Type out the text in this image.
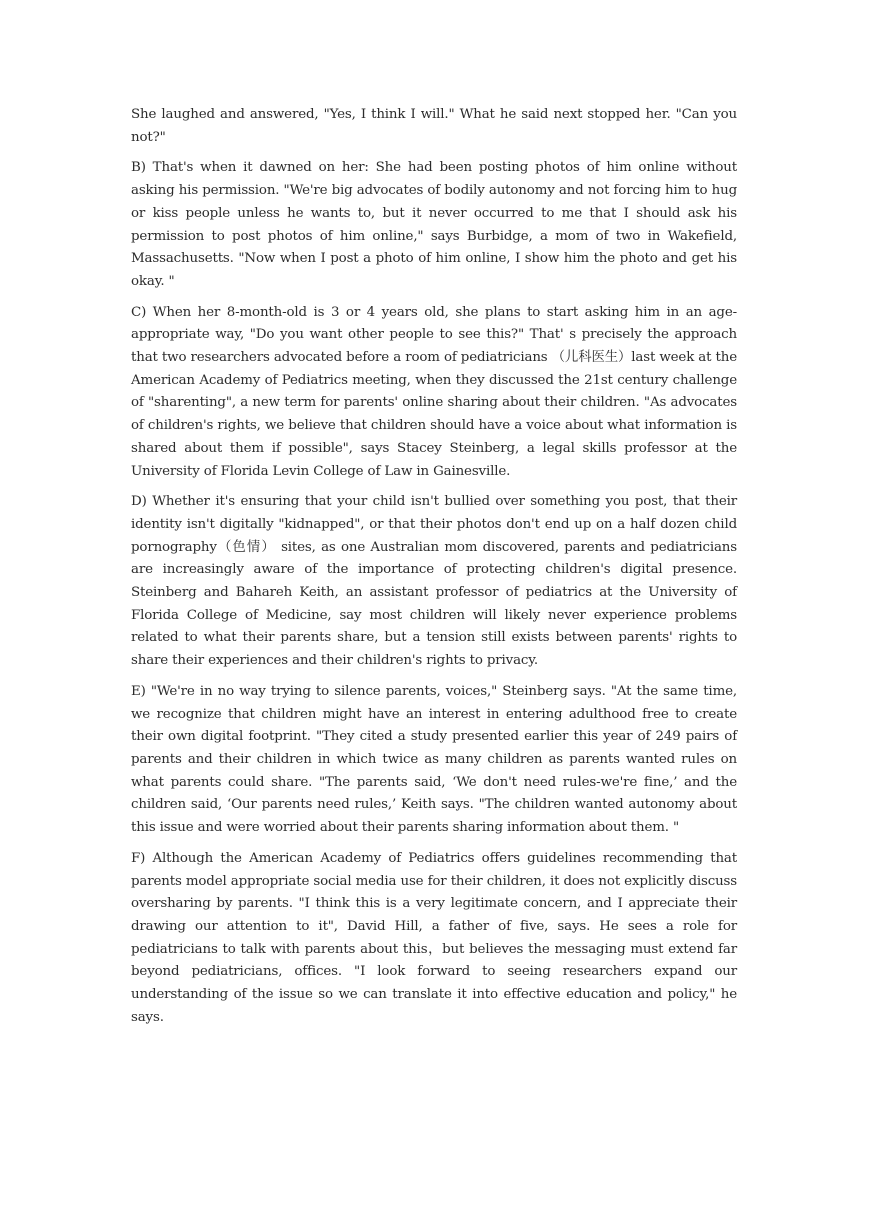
She laughed and answered, "Yes, I think I will." What he said next stopped her. "Can you not?"

B) That's when it dawned on her: She had been posting photos of him online without asking his permission. "We're big advocates of bodily autonomy and not forcing him to hug or kiss people unless he wants to, but it never occurred to me that I should ask his permission to post photos of him online," says Burbidge, a mom of two in Wakefield, Massachusetts. "Now when I post a photo of him online, I show him the photo and get his okay. "

C) When her 8-month-old is 3 or 4 years old, she plans to start asking him in an age-appropriate way, "Do you want other people to see this?" That' s precisely the approach that two researchers advocated before a room of pediatricians （儿科医生）last week at the American Academy of Pediatrics meeting, when they discussed the 21st century challenge of "sharenting", a new term for parents' online sharing about their children. "As advocates of children's rights, we believe that children should have a voice about what information is shared about them if possible", says Stacey Steinberg, a legal skills professor at the University of Florida Levin College of Law in Gainesville.

D) Whether it's ensuring that your child isn't bullied over something you post, that their identity isn't digitally "kidnapped", or that their photos don't end up on a half dozen child pornography（色情） sites, as one Australian mom discovered, parents and pediatricians are increasingly aware of the importance of protecting children's digital presence. Steinberg and Bahareh Keith, an assistant professor of pediatrics at the University of Florida College of Medicine, say most children will likely never experience problems related to what their parents share, but a tension still exists between parents' rights to share their experiences and their children's rights to privacy.

E) "We're in no way trying to silence parents, voices," Steinberg says. "At the same time, we recognize that children might have an interest in entering adulthood free to create their own digital footprint. "They cited a study presented earlier this year of 249 pairs of parents and their children in which twice as many children as parents wanted rules on what parents could share. "The parents said, ‘We don't need rules-we're fine,’ and the children said, ‘Our parents need rules,’ Keith says. "The children wanted autonomy about this issue and were worried about their parents sharing information about them. "

F) Although the American Academy of Pediatrics offers guidelines recommending that parents model appropriate social media use for their children, it does not explicitly discuss oversharing by parents. "I think this is a very legitimate concern, and I appreciate their drawing our attention to it", David Hill, a father of five, says. He sees a role for pediatricians to talk with parents about this，but believes the messaging must extend far beyond pediatricians, offices. "I look forward to seeing researchers expand our understanding of the issue so we can translate it into effective education and policy," he says.
